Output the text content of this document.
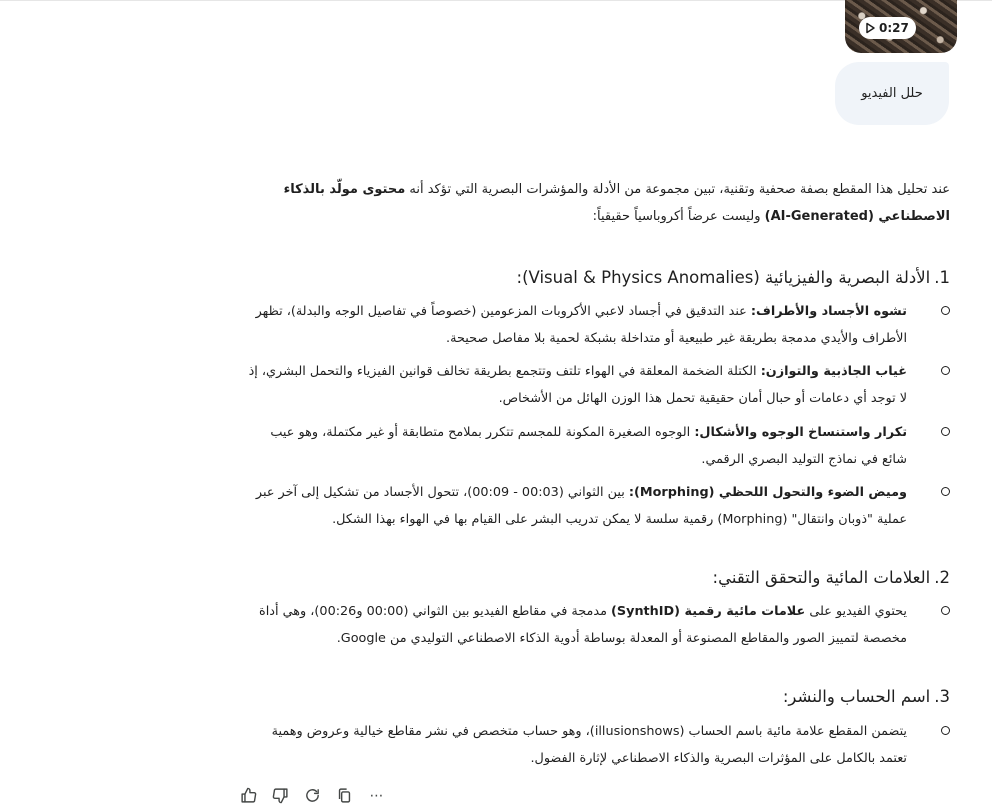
0:27
حلل الفيديو

عند تحليل هذا المقطع بصفة صحفية وتقنية، تبين مجموعة من الأدلة والمؤشرات البصرية التي تؤكد أنه محتوى مولّد بالذكاء الاصطناعي (AI-Generated) وليست عرضاً أكروباسياً حقيقياً:

1.الأدلة البصرية والفيزيائية (Visual & Physics Anomalies):
تشوه الأجساد والأطراف: عند التدقيق في أجساد لاعبي الأكروبات المزعومين (خصوصاً في تفاصيل الوجه والبدلة)، تظهر الأطراف والأيدي مدمجة بطريقة غير طبيعية أو متداخلة بشبكة لحمية بلا مفاصل صحيحة.
غياب الجاذبية والتوازن: الكتلة الضخمة المعلقة في الهواء تلتف وتتجمع بطريقة تخالف قوانين الفيزياء والتحمل البشري، إذ لا توجد أي دعامات أو حبال أمان حقيقية تحمل هذا الوزن الهائل من الأشخاص.
تكرار واستنساخ الوجوه والأشكال: الوجوه الصغيرة المكونة للمجسم تتكرر بملامح متطابقة أو غير مكتملة، وهو عيب شائع في نماذج التوليد البصري الرقمي.
وميض الضوء والتحول اللحظي (Morphing): بين الثواني (00:03 - 00:09)، تتحول الأجساد من تشكيل إلى آخر عبر عملية "ذوبان وانتقال" (Morphing) رقمية سلسة لا يمكن تدريب البشر على القيام بها في الهواء بهذا الشكل.
2.العلامات المائية والتحقق التقني:
يحتوي الفيديو على علامات مائية رقمية (SynthID) مدمجة في مقاطع الفيديو بين الثواني (00:00 و00:26)، وهي أداة مخصصة لتمييز الصور والمقاطع المصنوعة أو المعدلة بوساطة أدوية الذكاء الاصطناعي التوليدي من Google.
3.اسم الحساب والنشر:
يتضمن المقطع علامة مائية باسم الحساب (illusionshows)، وهو حساب متخصص في نشر مقاطع خيالية وعروض وهمية تعتمد بالكامل على المؤثرات البصرية والذكاء الاصطناعي لإثارة الفضول.
⋯
